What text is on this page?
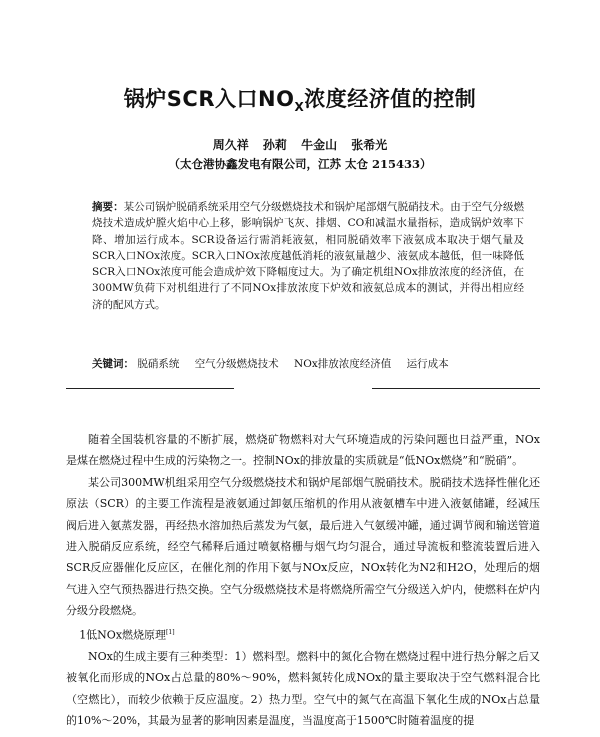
锅炉SCR入口$NO_X$浓度经济值的控制
周久祥 孙莉 牛金山 张希光
（太仓港协鑫发电有限公司，江苏 太仓 215433）
摘要：某公司锅炉脱硝系统采用空气分级燃烧技术和锅炉尾部烟气脱硝技术。由于空气分级燃烧技术造成炉膛火焰中心上移，影响锅炉飞灰、排烟、CO和减温水量指标，造成锅炉效率下降、增加运行成本。SCR设备运行需消耗液氨，相同脱硝效率下液氨成本取决于烟气量及SCR入口NOx浓度。SCR入口NOx浓度越低消耗的液氨量越少、液氨成本越低，但一味降低SCR入口NOx浓度可能会造成炉效下降幅度过大。为了确定机组NOx排放浓度的经济值，在300MW负荷下对机组进行了不同NOx排放浓度下炉效和液氨总成本的测试，并得出相应经济的配风方式。
关键词： 脱硝系统 空气分级燃烧技术 NOx排放浓度经济值 运行成本

随着全国装机容量的不断扩展，燃烧矿物燃料对大气环境造成的污染问题也日益严重，NOx是煤在燃烧过程中生成的污染物之一。控制NOx的排放量的实质就是“低NOx燃烧”和“脱硝”。

某公司300MW机组采用空气分级燃烧技术和锅炉尾部烟气脱硝技术。脱硝技术选择性催化还原法（SCR）的主要工作流程是液氨通过卸氨压缩机的作用从液氨槽车中进入液氨储罐，经减压阀后进入氨蒸发器，再经热水溶加热后蒸发为气氨，最后进入气氨缓冲罐，通过调节阀和输送管道进入脱硝反应系统，经空气稀释后通过喷氨格栅与烟气均匀混合，通过导流板和整流装置后进入SCR反应器催化反应区，在催化剂的作用下氨与NOx反应，NOx转化为N2和H2O，处理后的烟气进入空气预热器进行热交换。空气分级燃烧技术是将燃烧所需空气分级送入炉内，使燃料在炉内分级分段燃烧。

1低NOx燃烧原理[1]

NOx的生成主要有三种类型：1）燃料型。燃料中的氮化合物在燃烧过程中进行热分解之后又被氧化而形成的NOx占总量的80%～90%，燃料氮转化成NOx的量主要取决于空气燃料混合比（空燃比），而较少依赖于反应温度。2）热力型。空气中的氮气在高温下氧化生成的NOx占总量的10%～20%，其最为显著的影响因素是温度，当温度高于1500℃时随着温度的提
